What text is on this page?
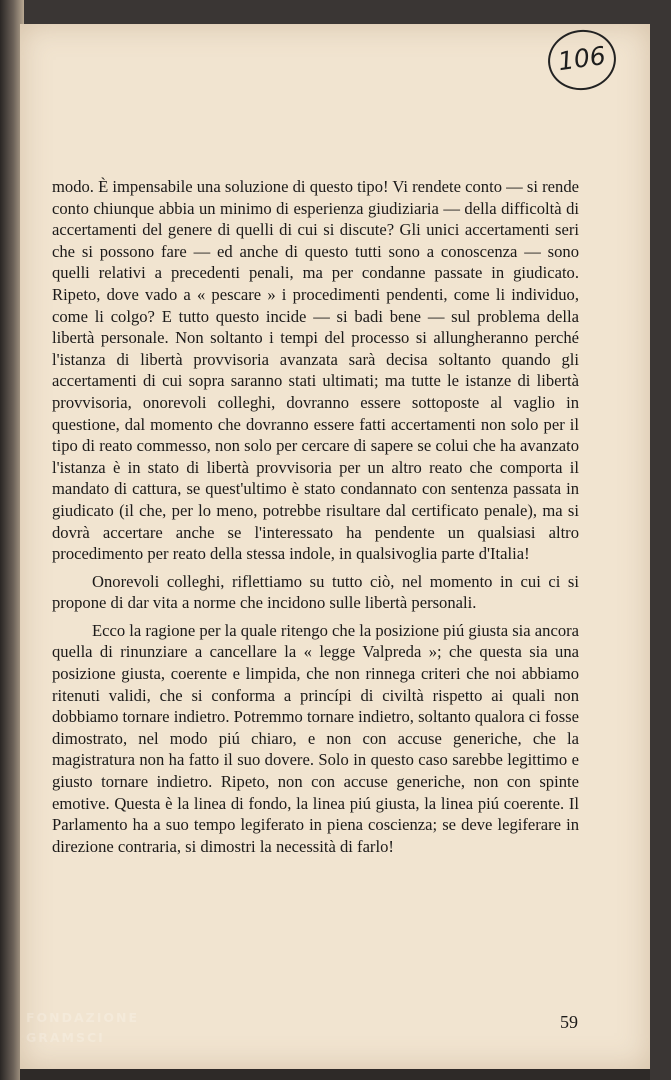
106

modo. È impensabile una soluzione di questo tipo! Vi rendete conto — si rende conto chiunque abbia un minimo di esperienza giudiziaria — della difficoltà di accertamenti del genere di quelli di cui si discute? Gli unici accertamenti seri che si possono fare — ed anche di questo tutti sono a conoscenza — sono quelli relativi a precedenti penali, ma per condanne passate in giudicato. Ripeto, dove vado a « pescare » i procedimenti pendenti, come li individuo, come li colgo? E tutto questo incide — si badi bene — sul problema della libertà personale. Non soltanto i tempi del processo si allungheranno perché l'istanza di libertà provvisoria avanzata sarà decisa soltanto quando gli accertamenti di cui sopra saranno stati ultimati; ma tutte le istanze di libertà provvisoria, onorevoli colleghi, dovranno essere sottoposte al vaglio in questione, dal momento che dovranno essere fatti accertamenti non solo per il tipo di reato commesso, non solo per cercare di sapere se colui che ha avanzato l'istanza è in stato di libertà provvisoria per un altro reato che comporta il mandato di cattura, se quest'ultimo è stato condannato con sentenza passata in giudicato (il che, per lo meno, potrebbe risultare dal certificato penale), ma si dovrà accertare anche se l'interessato ha pendente un qualsiasi altro procedimento per reato della stessa indole, in qualsivoglia parte d'Italia!

Onorevoli colleghi, riflettiamo su tutto ciò, nel momento in cui ci si propone di dar vita a norme che incidono sulle libertà personali.

Ecco la ragione per la quale ritengo che la posizione piú giusta sia ancora quella di rinunziare a cancellare la « legge Valpreda »; che questa sia una posizione giusta, coerente e limpida, che non rinnega criteri che noi abbiamo ritenuti validi, che si conforma a princípi di civiltà rispetto ai quali non dobbiamo tornare indietro. Potremmo tornare indietro, soltanto qualora ci fosse dimostrato, nel modo piú chiaro, e non con accuse generiche, che la magistratura non ha fatto il suo dovere. Solo in questo caso sarebbe legittimo e giusto tornare indietro. Ripeto, non con accuse generiche, non con spinte emotive. Questa è la linea di fondo, la linea piú giusta, la linea piú coerente. Il Parlamento ha a suo tempo legiferato in piena coscienza; se deve legiferare in direzione contraria, si dimostri la necessità di farlo!

59
FONDAZIONE GRAMSCI
